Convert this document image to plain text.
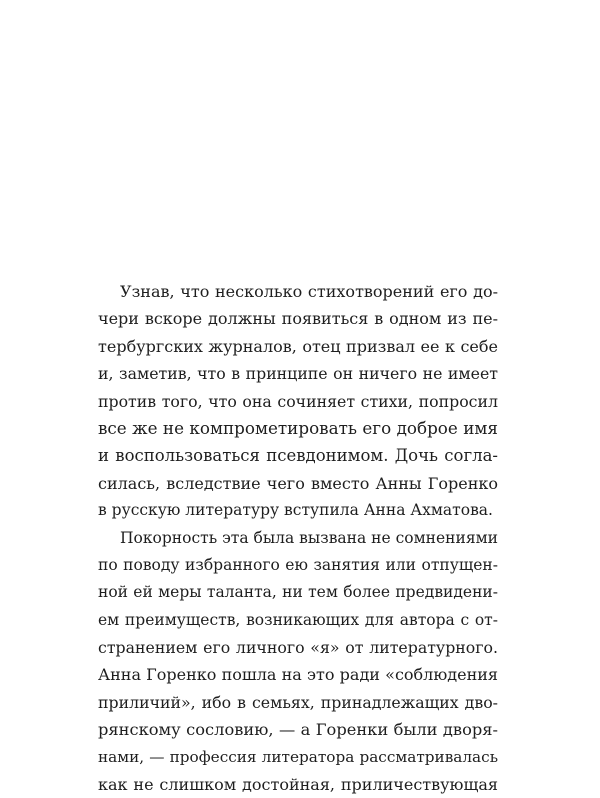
Узнав, что несколько стихотворений его до-
чери вскоре должны появиться в одном из пе-
тербургских журналов, отец призвал ее к себе
и, заметив, что в принципе он ничего не имеет
против того, что она сочиняет стихи, попросил
все же не компрометировать его доброе имя
и воспользоваться псевдонимом. Дочь согла-
силась, вследствие чего вместо Анны Горенко
в русскую литературу вступила Анна Ахматова.
Покорность эта была вызвана не сомнениями
по поводу избранного ею занятия или отпущен-
ной ей меры таланта, ни тем более предвидени-
ем преимуществ, возникающих для автора с от-
странением его личного «я» от литературного.
Анна Горенко пошла на это ради «соблюдения
приличий», ибо в семьях, принадлежащих дво-
рянскому сословию, — а Горенки были дворя-
нами, — профессия литератора рассматривалась
как не слишком достойная, приличествующая
